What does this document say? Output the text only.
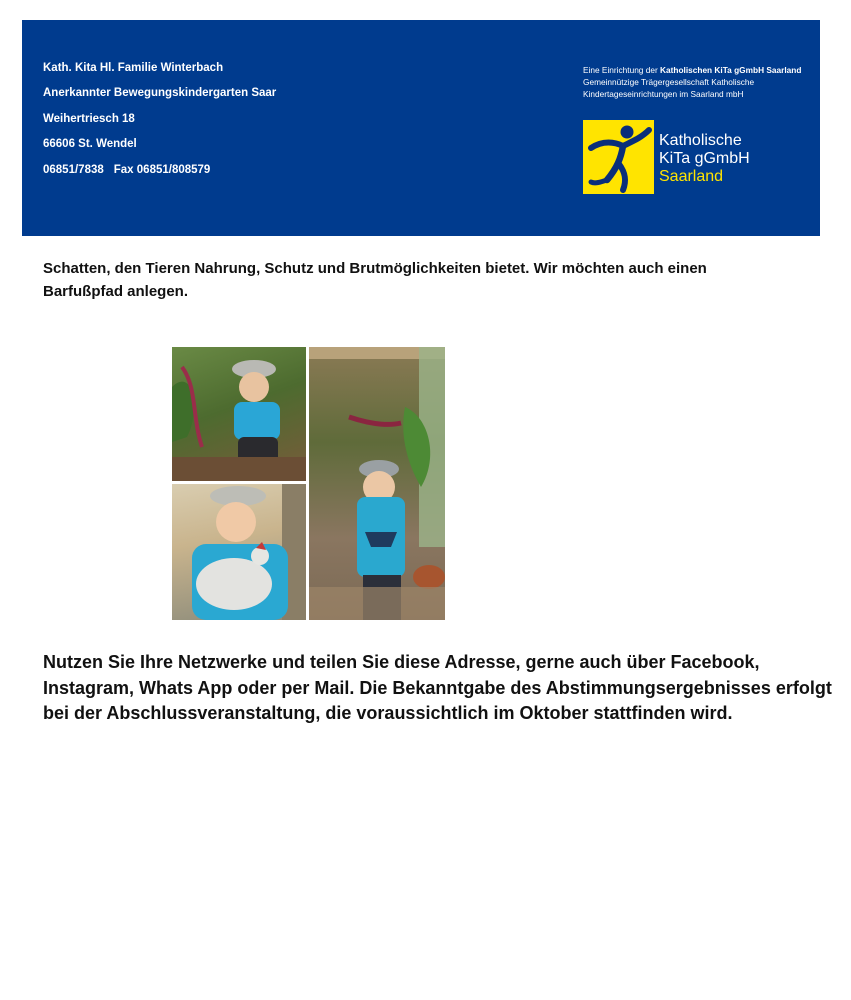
Kath. Kita Hl. Familie Winterbach
Anerkannter Bewegungskindergarten Saar
Weihertriesch 18
66606 St. Wendel
06851/7838 Fax 06851/808579
Eine Einrichtung der Katholischen KiTa gGmbH Saarland
Gemeinnützige Trägergesellschaft Katholische
Kindertageseinrichtungen im Saarland mbH
Katholische
KiTa gGmbH
Saarland
Schatten, den Tieren Nahrung, Schutz und Brutmöglichkeiten bietet. Wir möchten auch einen Barfußpfad anlegen.
Nutzen Sie Ihre Netzwerke und teilen Sie diese Adresse, gerne auch über Facebook, Instagram, Whats App oder per Mail. Die Bekanntgabe des Abstimmungsergebnisses erfolgt bei der Abschlussveranstaltung, die voraussichtlich im Oktober stattfinden wird.
